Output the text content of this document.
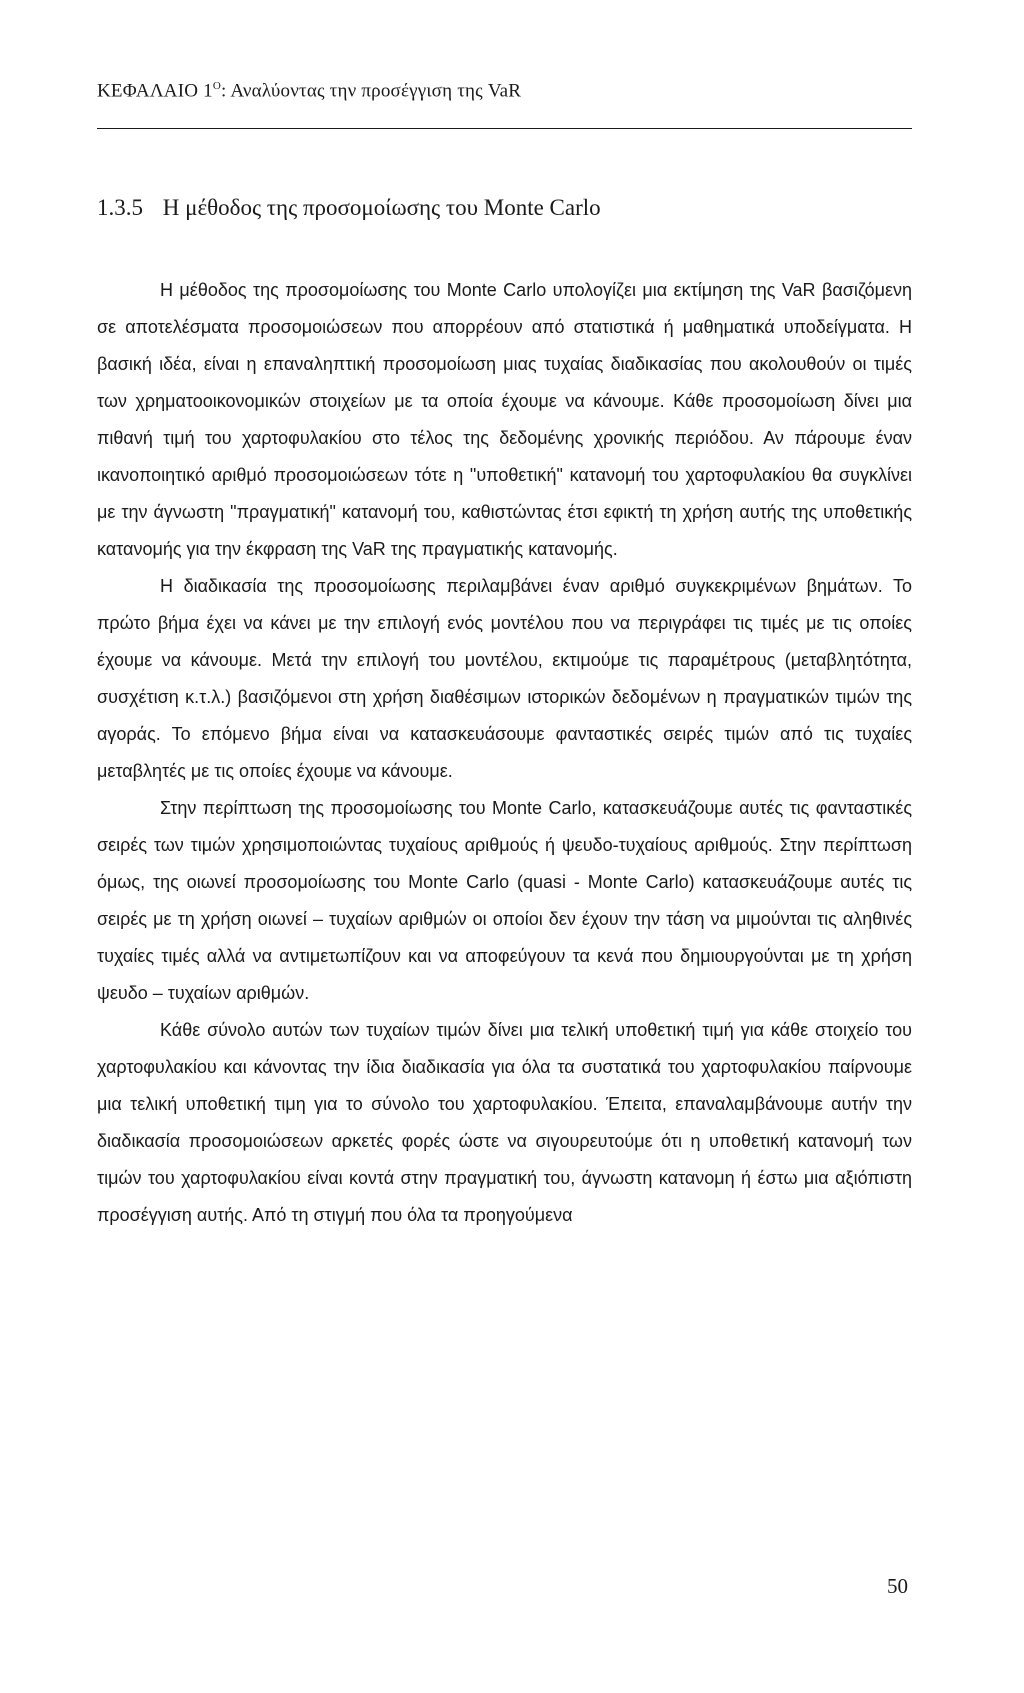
ΚΕΦΑΛΑΙΟ $1^O$: Αναλύοντας την προσέγγιση της VaR
1.3.5 Η μέθοδος της προσομοίωσης του Monte Carlo

Η μέθοδος της προσομοίωσης του Monte Carlo υπολογίζει μια εκτίμηση της VaR βασιζόμενη σε αποτελέσματα προσομοιώσεων που απορρέουν από στατιστικά ή μαθηματικά υποδείγματα. Η βασική ιδέα, είναι η επαναληπτική προσομοίωση μιας τυχαίας διαδικασίας που ακολουθούν οι τιμές των χρηματοοικονομικών στοιχείων με τα οποία έχουμε να κάνουμε. Κάθε προσομοίωση δίνει μια πιθανή τιμή του χαρτοφυλακίου στο τέλος της δεδομένης χρονικής περιόδου. Αν πάρουμε έναν ικανοποιητικό αριθμό προσομοιώσεων τότε η "υποθετική" κατανομή του χαρτοφυλακίου θα συγκλίνει με την άγνωστη "πραγματική" κατανομή του, καθιστώντας έτσι εφικτή τη χρήση αυτής της υποθετικής κατανομής για την έκφραση της VaR της πραγματικής κατανομής.

Η διαδικασία της προσομοίωσης περιλαμβάνει έναν αριθμό συγκεκριμένων βημάτων. Το πρώτο βήμα έχει να κάνει με την επιλογή ενός μοντέλου που να περιγράφει τις τιμές με τις οποίες έχουμε να κάνουμε. Μετά την επιλογή του μοντέλου, εκτιμούμε τις παραμέτρους (μεταβλητότητα, συσχέτιση κ.τ.λ.) βασιζόμενοι στη χρήση διαθέσιμων ιστορικών δεδομένων η πραγματικών τιμών της αγοράς. Το επόμενο βήμα είναι να κατασκευάσουμε φανταστικές σειρές τιμών από τις τυχαίες μεταβλητές με τις οποίες έχουμε να κάνουμε.

Στην περίπτωση της προσομοίωσης του Monte Carlo, κατασκευάζουμε αυτές τις φανταστικές σειρές των τιμών χρησιμοποιώντας τυχαίους αριθμούς ή ψευδο-τυχαίους αριθμούς. Στην περίπτωση όμως, της οιωνεί προσομοίωσης του Monte Carlo (quasi - Monte Carlo) κατασκευάζουμε αυτές τις σειρές με τη χρήση οιωνεί – τυχαίων αριθμών οι οποίοι δεν έχουν την τάση να μιμούνται τις αληθινές τυχαίες τιμές αλλά να αντιμετωπίζουν και να αποφεύγουν τα κενά που δημιουργούνται με τη χρήση ψευδο – τυχαίων αριθμών.

Κάθε σύνολο αυτών των τυχαίων τιμών δίνει μια τελική υποθετική τιμή για κάθε στοιχείο του χαρτοφυλακίου και κάνοντας την ίδια διαδικασία για όλα τα συστατικά του χαρτοφυλακίου παίρνουμε μια τελική υποθετική τιμη για το σύνολο του χαρτοφυλακίου. Έπειτα, επαναλαμβάνουμε αυτήν την διαδικασία προσομοιώσεων αρκετές φορές ώστε να σιγουρευτούμε ότι η υποθετική κατανομή των τιμών του χαρτοφυλακίου είναι κοντά στην πραγματική του, άγνωστη κατανομη ή έστω μια αξιόπιστη προσέγγιση αυτής. Από τη στιγμή που όλα τα προηγούμενα

50
